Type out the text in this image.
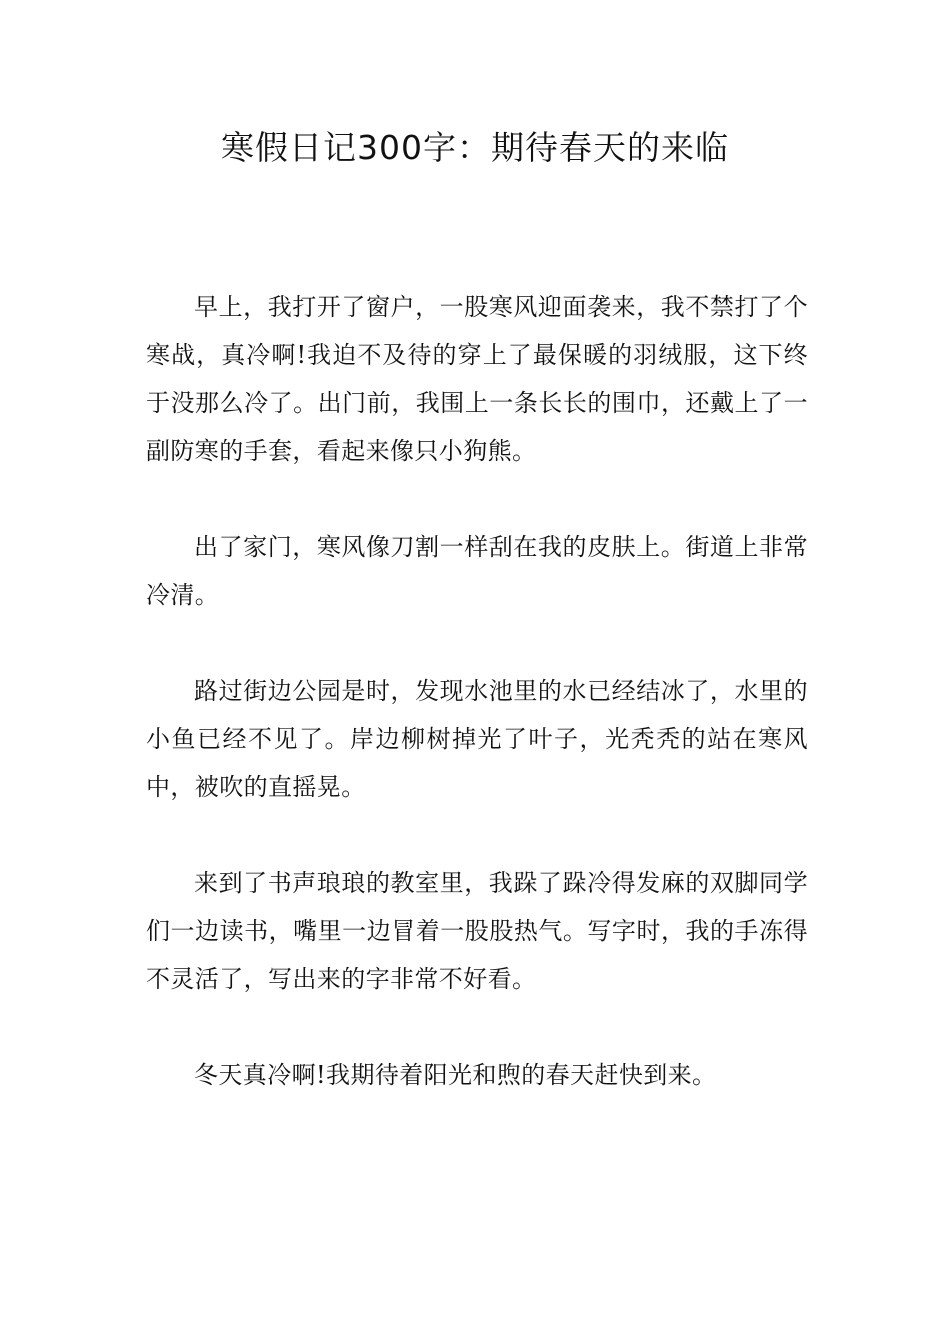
寒假日记300字：期待春天的来临

早上，我打开了窗户，一股寒风迎面袭来，我不禁打了个寒战，真冷啊!我迫不及待的穿上了最保暖的羽绒服，这下终于没那么冷了。出门前，我围上一条长长的围巾，还戴上了一副防寒的手套，看起来像只小狗熊。

出了家门，寒风像刀割一样刮在我的皮肤上。街道上非常冷清。

路过街边公园是时，发现水池里的水已经结冰了，水里的小鱼已经不见了。岸边柳树掉光了叶子，光秃秃的站在寒风中，被吹的直摇晃。

来到了书声琅琅的教室里，我跺了跺冷得发麻的双脚同学们一边读书，嘴里一边冒着一股股热气。写字时，我的手冻得不灵活了，写出来的字非常不好看。

冬天真冷啊!我期待着阳光和煦的春天赶快到来。
